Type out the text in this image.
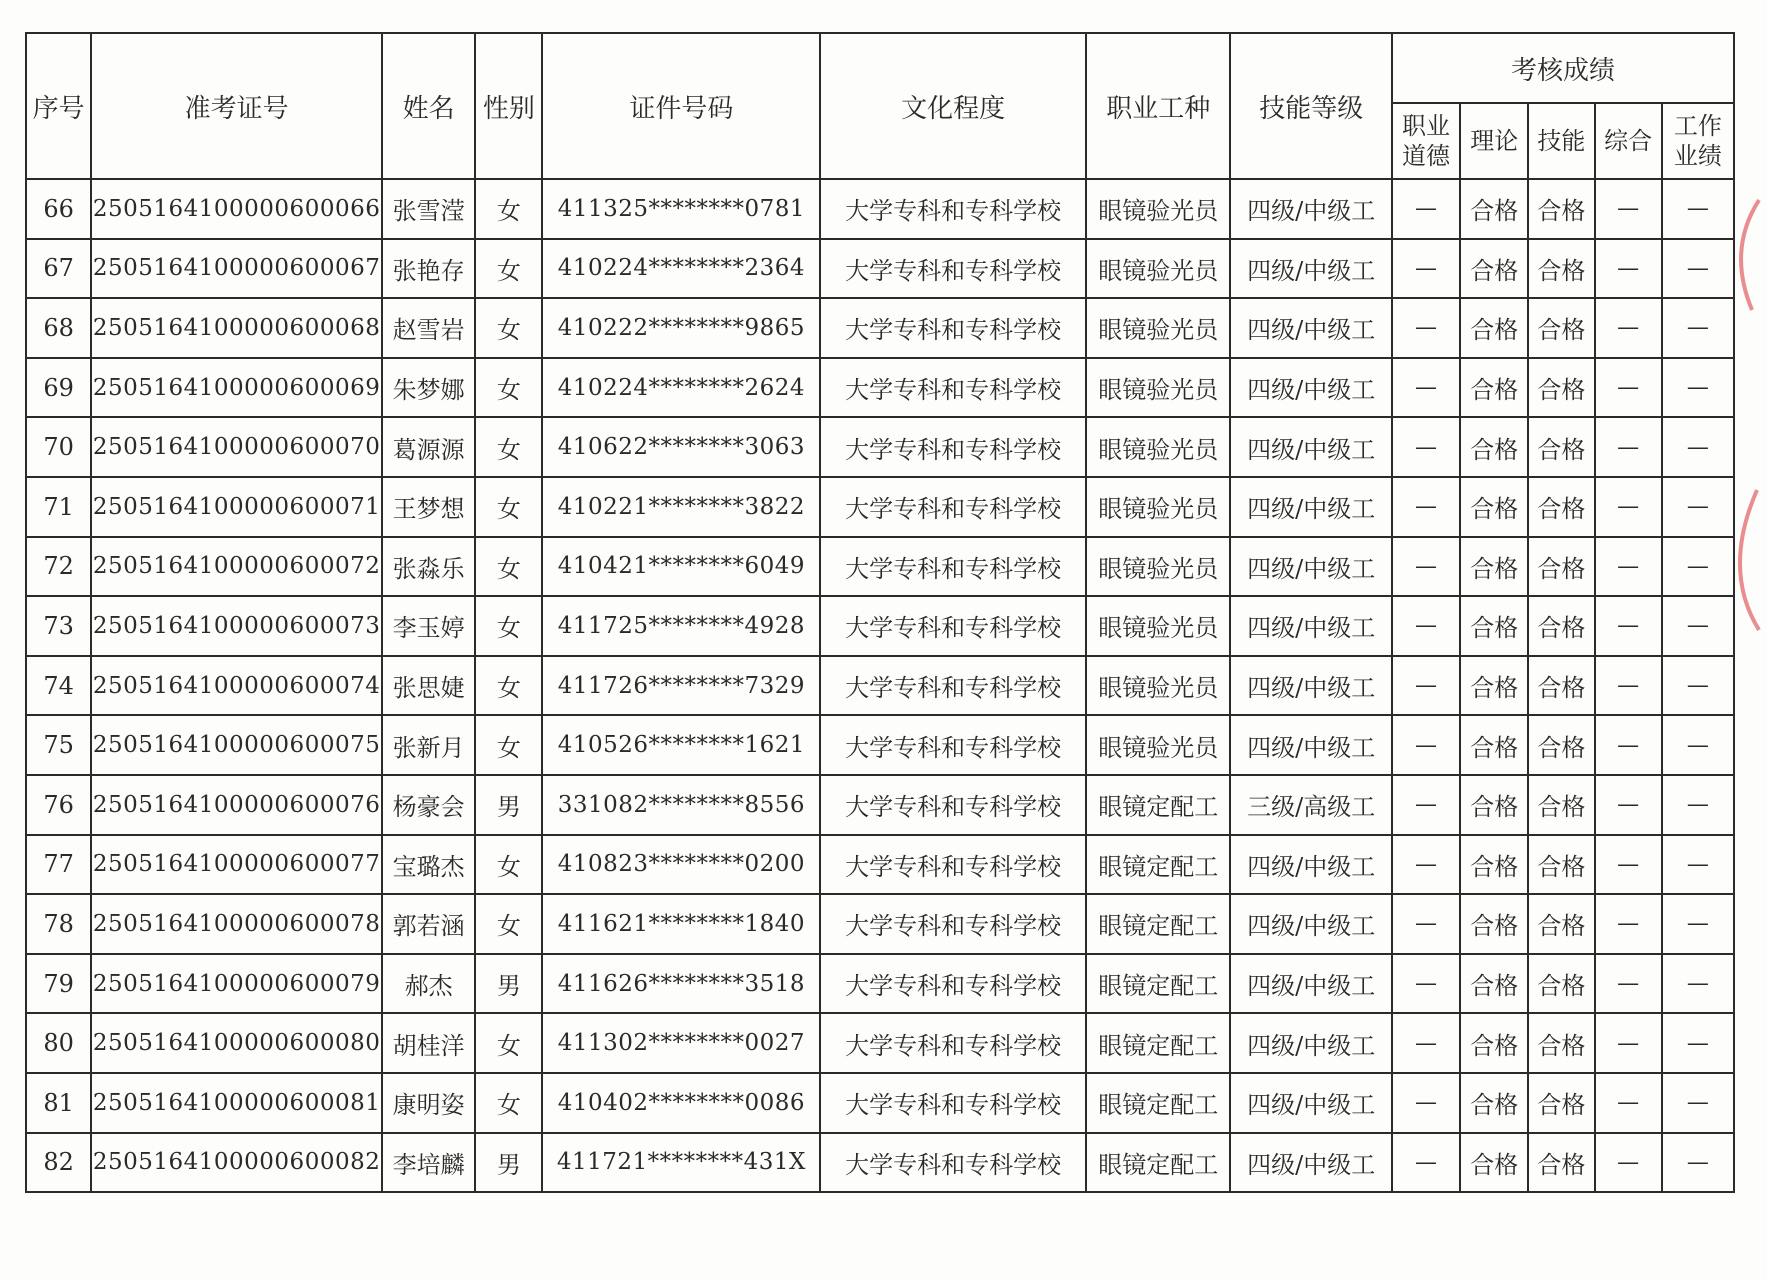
序号	准考证号	姓名	性别	证件号码	文化程度	职业工种	技能等级	考核成绩				
								职业道德	理论	技能	综合	工作业绩
66	2505164100000600066	张雪滢	女	411325********0781	大学专科和专科学校	眼镜验光员	四级/中级工	—	合格	合格	—	—
67	2505164100000600067	张艳存	女	410224********2364	大学专科和专科学校	眼镜验光员	四级/中级工	—	合格	合格	—	—
68	2505164100000600068	赵雪岩	女	410222********9865	大学专科和专科学校	眼镜验光员	四级/中级工	—	合格	合格	—	—
69	2505164100000600069	朱梦娜	女	410224********2624	大学专科和专科学校	眼镜验光员	四级/中级工	—	合格	合格	—	—
70	2505164100000600070	葛源源	女	410622********3063	大学专科和专科学校	眼镜验光员	四级/中级工	—	合格	合格	—	—
71	2505164100000600071	王梦想	女	410221********3822	大学专科和专科学校	眼镜验光员	四级/中级工	—	合格	合格	—	—
72	2505164100000600072	张淼乐	女	410421********6049	大学专科和专科学校	眼镜验光员	四级/中级工	—	合格	合格	—	—
73	2505164100000600073	李玉婷	女	411725********4928	大学专科和专科学校	眼镜验光员	四级/中级工	—	合格	合格	—	—
74	2505164100000600074	张思婕	女	411726********7329	大学专科和专科学校	眼镜验光员	四级/中级工	—	合格	合格	—	—
75	2505164100000600075	张新月	女	410526********1621	大学专科和专科学校	眼镜验光员	四级/中级工	—	合格	合格	—	—
76	2505164100000600076	杨豪会	男	331082********8556	大学专科和专科学校	眼镜定配工	三级/高级工	—	合格	合格	—	—
77	2505164100000600077	宝璐杰	女	410823********0200	大学专科和专科学校	眼镜定配工	四级/中级工	—	合格	合格	—	—
78	2505164100000600078	郭若涵	女	411621********1840	大学专科和专科学校	眼镜定配工	四级/中级工	—	合格	合格	—	—
79	2505164100000600079	郝杰	男	411626********3518	大学专科和专科学校	眼镜定配工	四级/中级工	—	合格	合格	—	—
80	2505164100000600080	胡桂洋	女	411302********0027	大学专科和专科学校	眼镜定配工	四级/中级工	—	合格	合格	—	—
81	2505164100000600081	康明姿	女	410402********0086	大学专科和专科学校	眼镜定配工	四级/中级工	—	合格	合格	—	—
82	2505164100000600082	李培麟	男	411721********431X	大学专科和专科学校	眼镜定配工	四级/中级工	—	合格	合格	—	—
